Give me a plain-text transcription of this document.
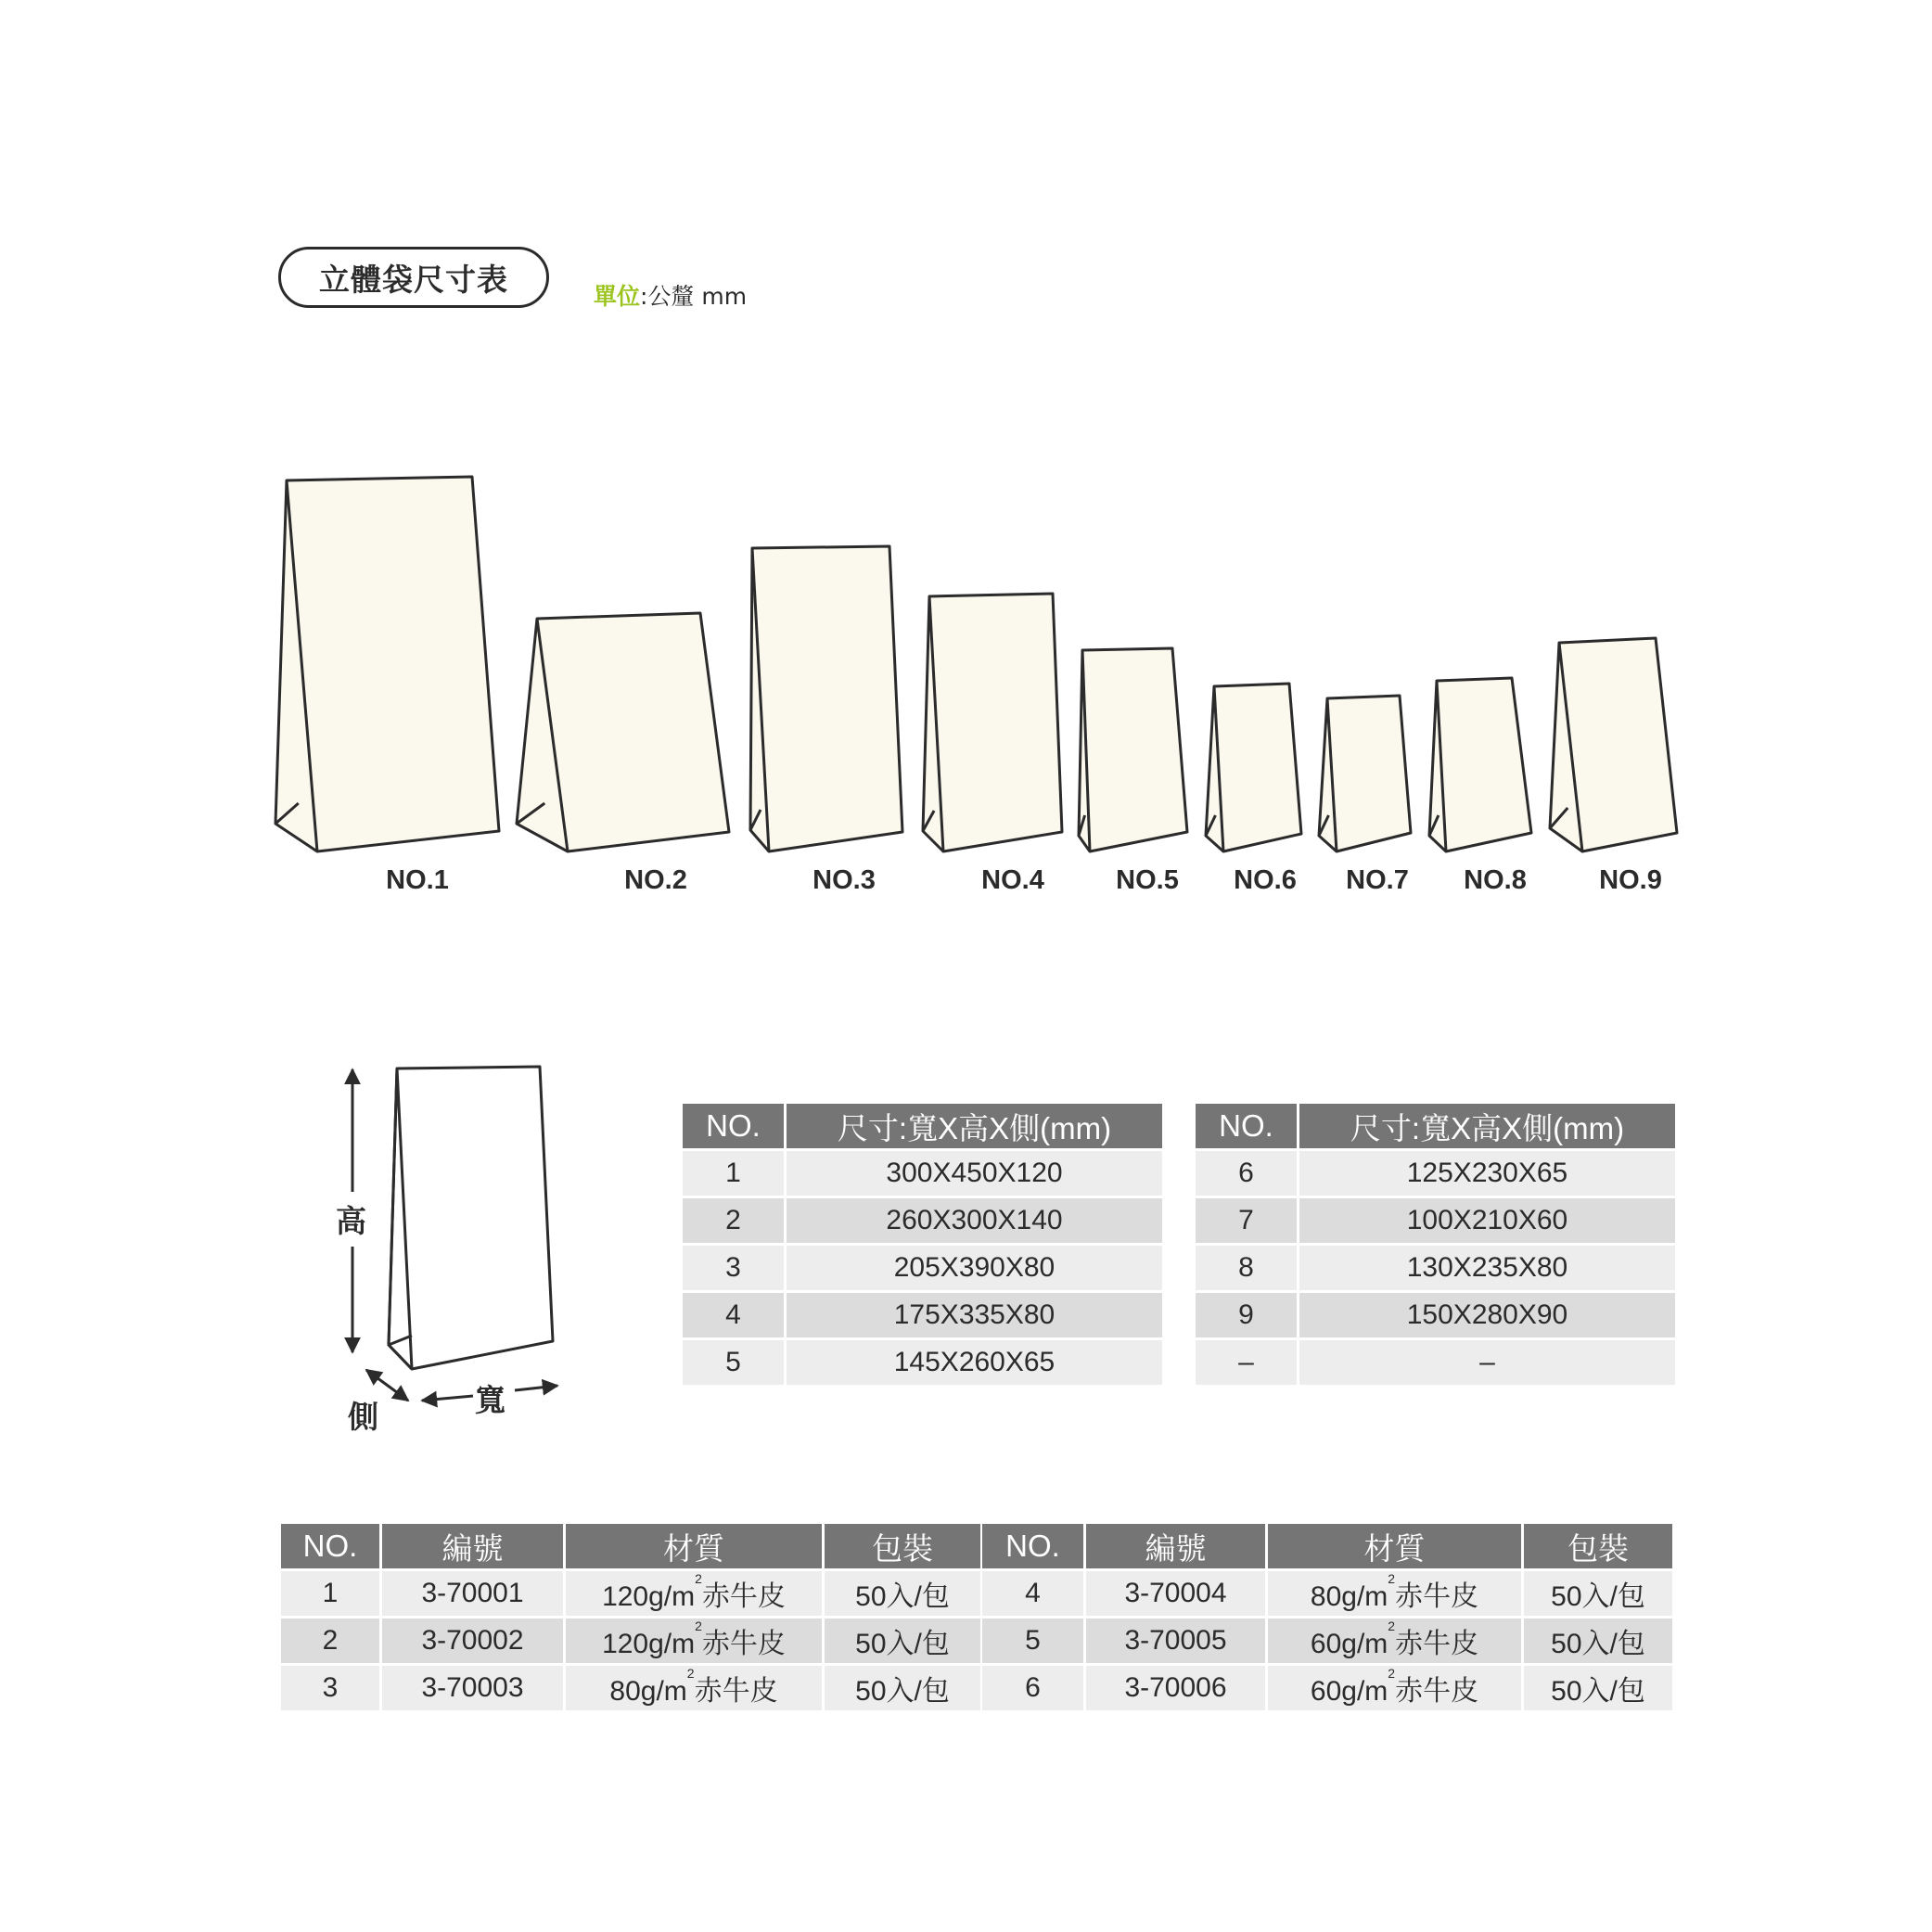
立體袋尺寸表	單位:公釐 mm
NO.1	NO.2	NO.3	NO.4	NO.5 NO.6 NO.7 NO.8	NO.9
高
寬
側
NO.	尺寸:寬X高X側(mm)
1	300X450X120
2	260X300X140
3	205X390X80
4	175X335X80
5	145X260X65
NO.	尺寸:寬X高X側(mm)
6	125X230X65
7	100X210X60
8	130X235X80
9	150X280X90
–	–
NO.	編號	材質	包裝
1	3-70001	$120g/m^2$赤牛皮	50入/包
2	3-70002	$120g/m^2$赤牛皮	50入/包
3	3-70003	$80g/m^2$赤牛皮	50入/包
NO.	編號	材質	包裝
4	3-70004	$80g/m^2$赤牛皮	50入/包
5	3-70005	$60g/m^2$赤牛皮	50入/包
6	3-70006	$60g/m^2$赤牛皮	50入/包
